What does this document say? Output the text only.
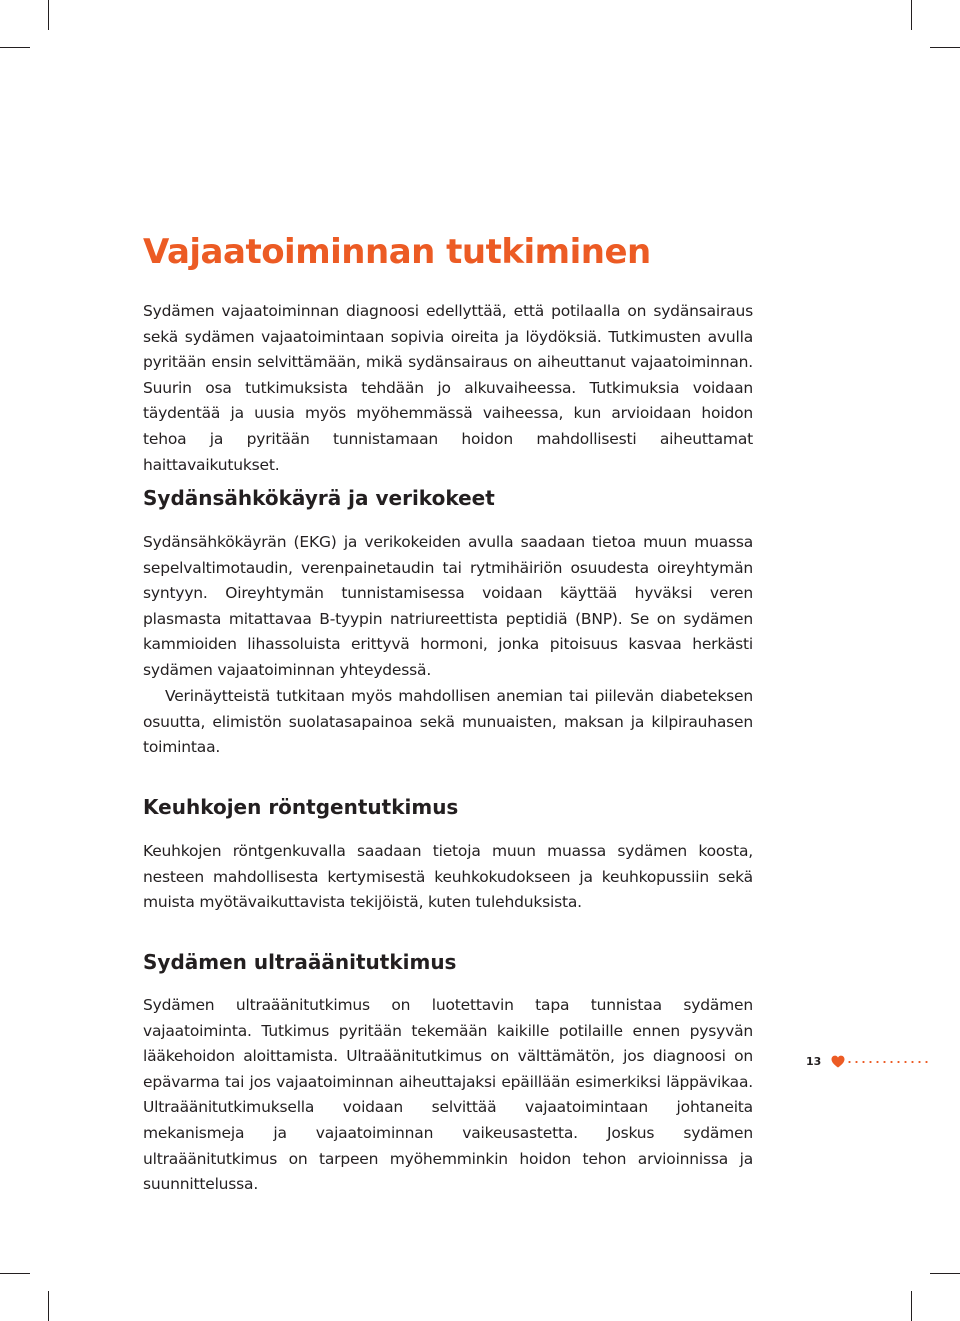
Vajaatoiminnan tutkiminen

Sydämen vajaatoiminnan diagnoosi edellyttää, että potilaalla on sydänsairaus sekä sydämen vajaatoimintaan sopivia oireita ja löydöksiä. Tutkimusten avulla pyritään ensin selvittämään, mikä sydänsairaus on aiheuttanut vajaatoiminnan. Suurin osa tutkimuksista tehdään jo alkuvaiheessa. Tutkimuksia voidaan täydentää ja uusia myös myöhemmässä vaiheessa, kun arvioidaan hoidon tehoa ja pyritään tunnistamaan hoidon mahdollisesti aiheuttamat haittavaikutukset.

Sydänsähkökäyrä ja verikokeet

Sydänsähkökäyrän (EKG) ja verikokeiden avulla saadaan tietoa muun muassa sepelvaltimotaudin, verenpainetaudin tai rytmihäiriön osuudesta oireyhtymän syntyyn. Oireyhtymän tunnistamisessa voidaan käyttää hyväksi veren plasmasta mitattavaa B-tyypin natriureettista peptidiä (BNP). Se on sydämen kammioiden lihassoluista erittyvä hormoni, jonka pitoisuus kasvaa herkästi sydämen vajaatoiminnan yhteydessä.

Verinäytteistä tutkitaan myös mahdollisen anemian tai piilevän diabeteksen osuutta, elimistön suolatasapainoa sekä munuaisten, maksan ja kilpirauhasen toimintaa.

Keuhkojen röntgentutkimus

Keuhkojen röntgenkuvalla saadaan tietoja muun muassa sydämen koosta, nesteen mahdollisesta kertymisestä keuhkokudokseen ja keuhkopussiin sekä muista myötävaikuttavista tekijöistä, kuten tulehduksista.

Sydämen ultraäänitutkimus

Sydämen ultraäänitutkimus on luotettavin tapa tunnistaa sydämen vajaatoiminta. Tutkimus pyritään tekemään kaikille potilaille ennen pysyvän lääkehoidon aloittamista. Ultraäänitutkimus on välttämätön, jos diagnoosi on epävarma tai jos vajaatoiminnan aiheuttajaksi epäillään esimerkiksi läppävikaa. Ultraäänitutkimuksella voidaan selvittää vajaatoimintaan johtaneita mekanismeja ja vajaatoiminnan vaikeusastetta. Joskus sydämen ultraäänitutkimus on tarpeen myöhemminkin hoidon tehon arvioinnissa ja suunnittelussa.

13
